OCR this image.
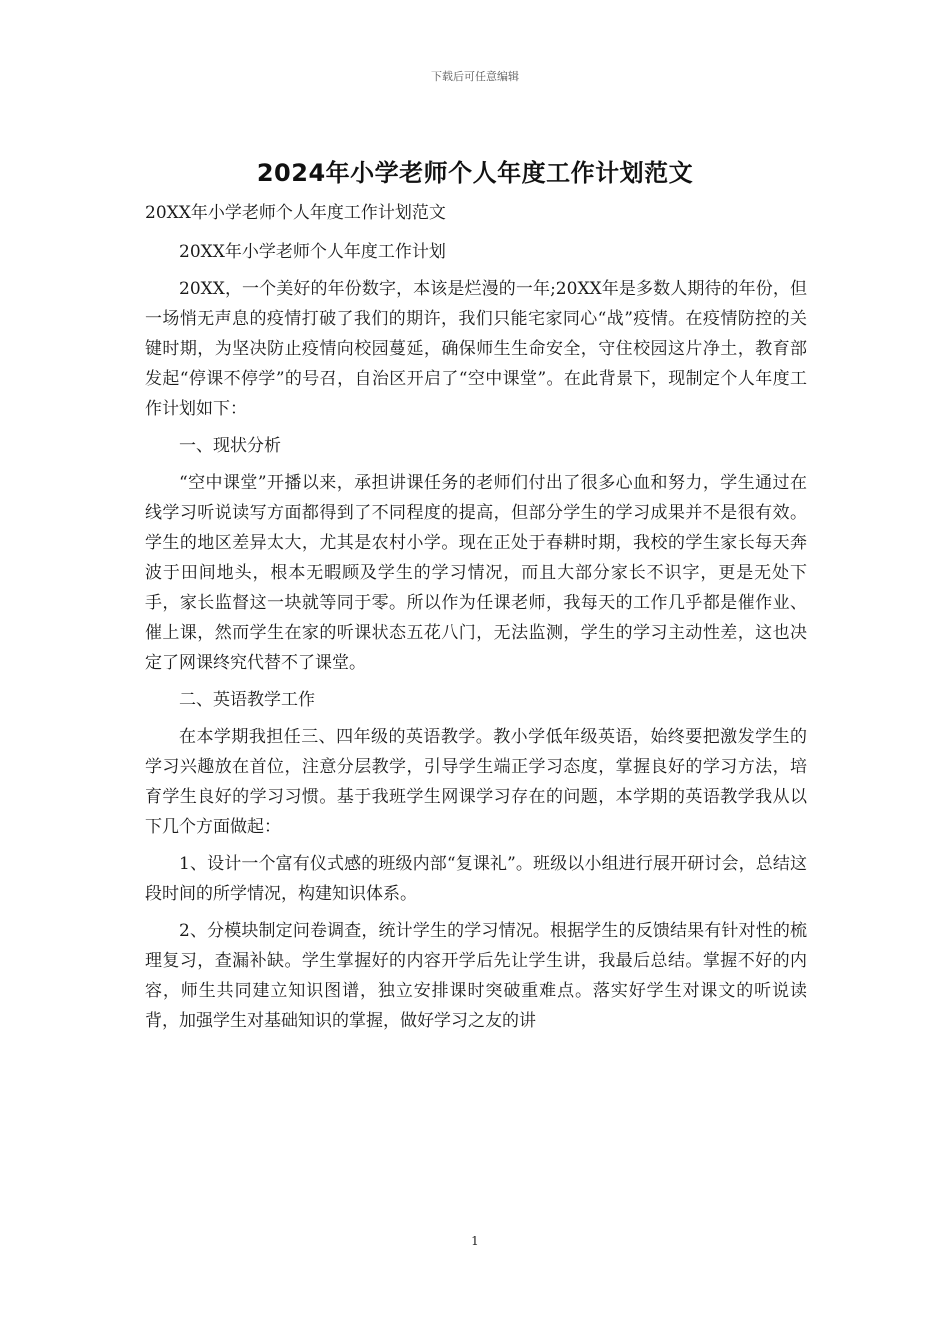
下载后可任意编辑
2024年小学老师个人年度工作计划范文

20XX年小学老师个人年度工作计划范文

20XX年小学老师个人年度工作计划

20XX，一个美好的年份数字，本该是烂漫的一年;20XX年是多数人期待的年份，但一场悄无声息的疫情打破了我们的期许，我们只能宅家同心“战”疫情。在疫情防控的关键时期，为坚决防止疫情向校园蔓延，确保师生生命安全，守住校园这片净土，教育部发起“停课不停学”的号召，自治区开启了“空中课堂”。在此背景下，现制定个人年度工作计划如下：

一、现状分析

“空中课堂”开播以来，承担讲课任务的老师们付出了很多心血和努力，学生通过在线学习听说读写方面都得到了不同程度的提高，但部分学生的学习成果并不是很有效。学生的地区差异太大，尤其是农村小学。现在正处于春耕时期，我校的学生家长每天奔波于田间地头，根本无暇顾及学生的学习情况，而且大部分家长不识字，更是无处下手，家长监督这一块就等同于零。所以作为任课老师，我每天的工作几乎都是催作业、催上课，然而学生在家的听课状态五花八门，无法监测，学生的学习主动性差，这也决定了网课终究代替不了课堂。

二、英语教学工作

在本学期我担任三、四年级的英语教学。教小学低年级英语，始终要把激发学生的学习兴趣放在首位，注意分层教学，引导学生端正学习态度，掌握良好的学习方法，培育学生良好的学习习惯。基于我班学生网课学习存在的问题，本学期的英语教学我从以下几个方面做起：

1、设计一个富有仪式感的班级内部“复课礼”。班级以小组进行展开研讨会，总结这段时间的所学情况，构建知识体系。

2、分模块制定问卷调查，统计学生的学习情况。根据学生的反馈结果有针对性的梳理复习，查漏补缺。学生掌握好的内容开学后先让学生讲，我最后总结。掌握不好的内容，师生共同建立知识图谱，独立安排课时突破重难点。落实好学生对课文的听说读背，加强学生对基础知识的掌握，做好学习之友的讲

1
